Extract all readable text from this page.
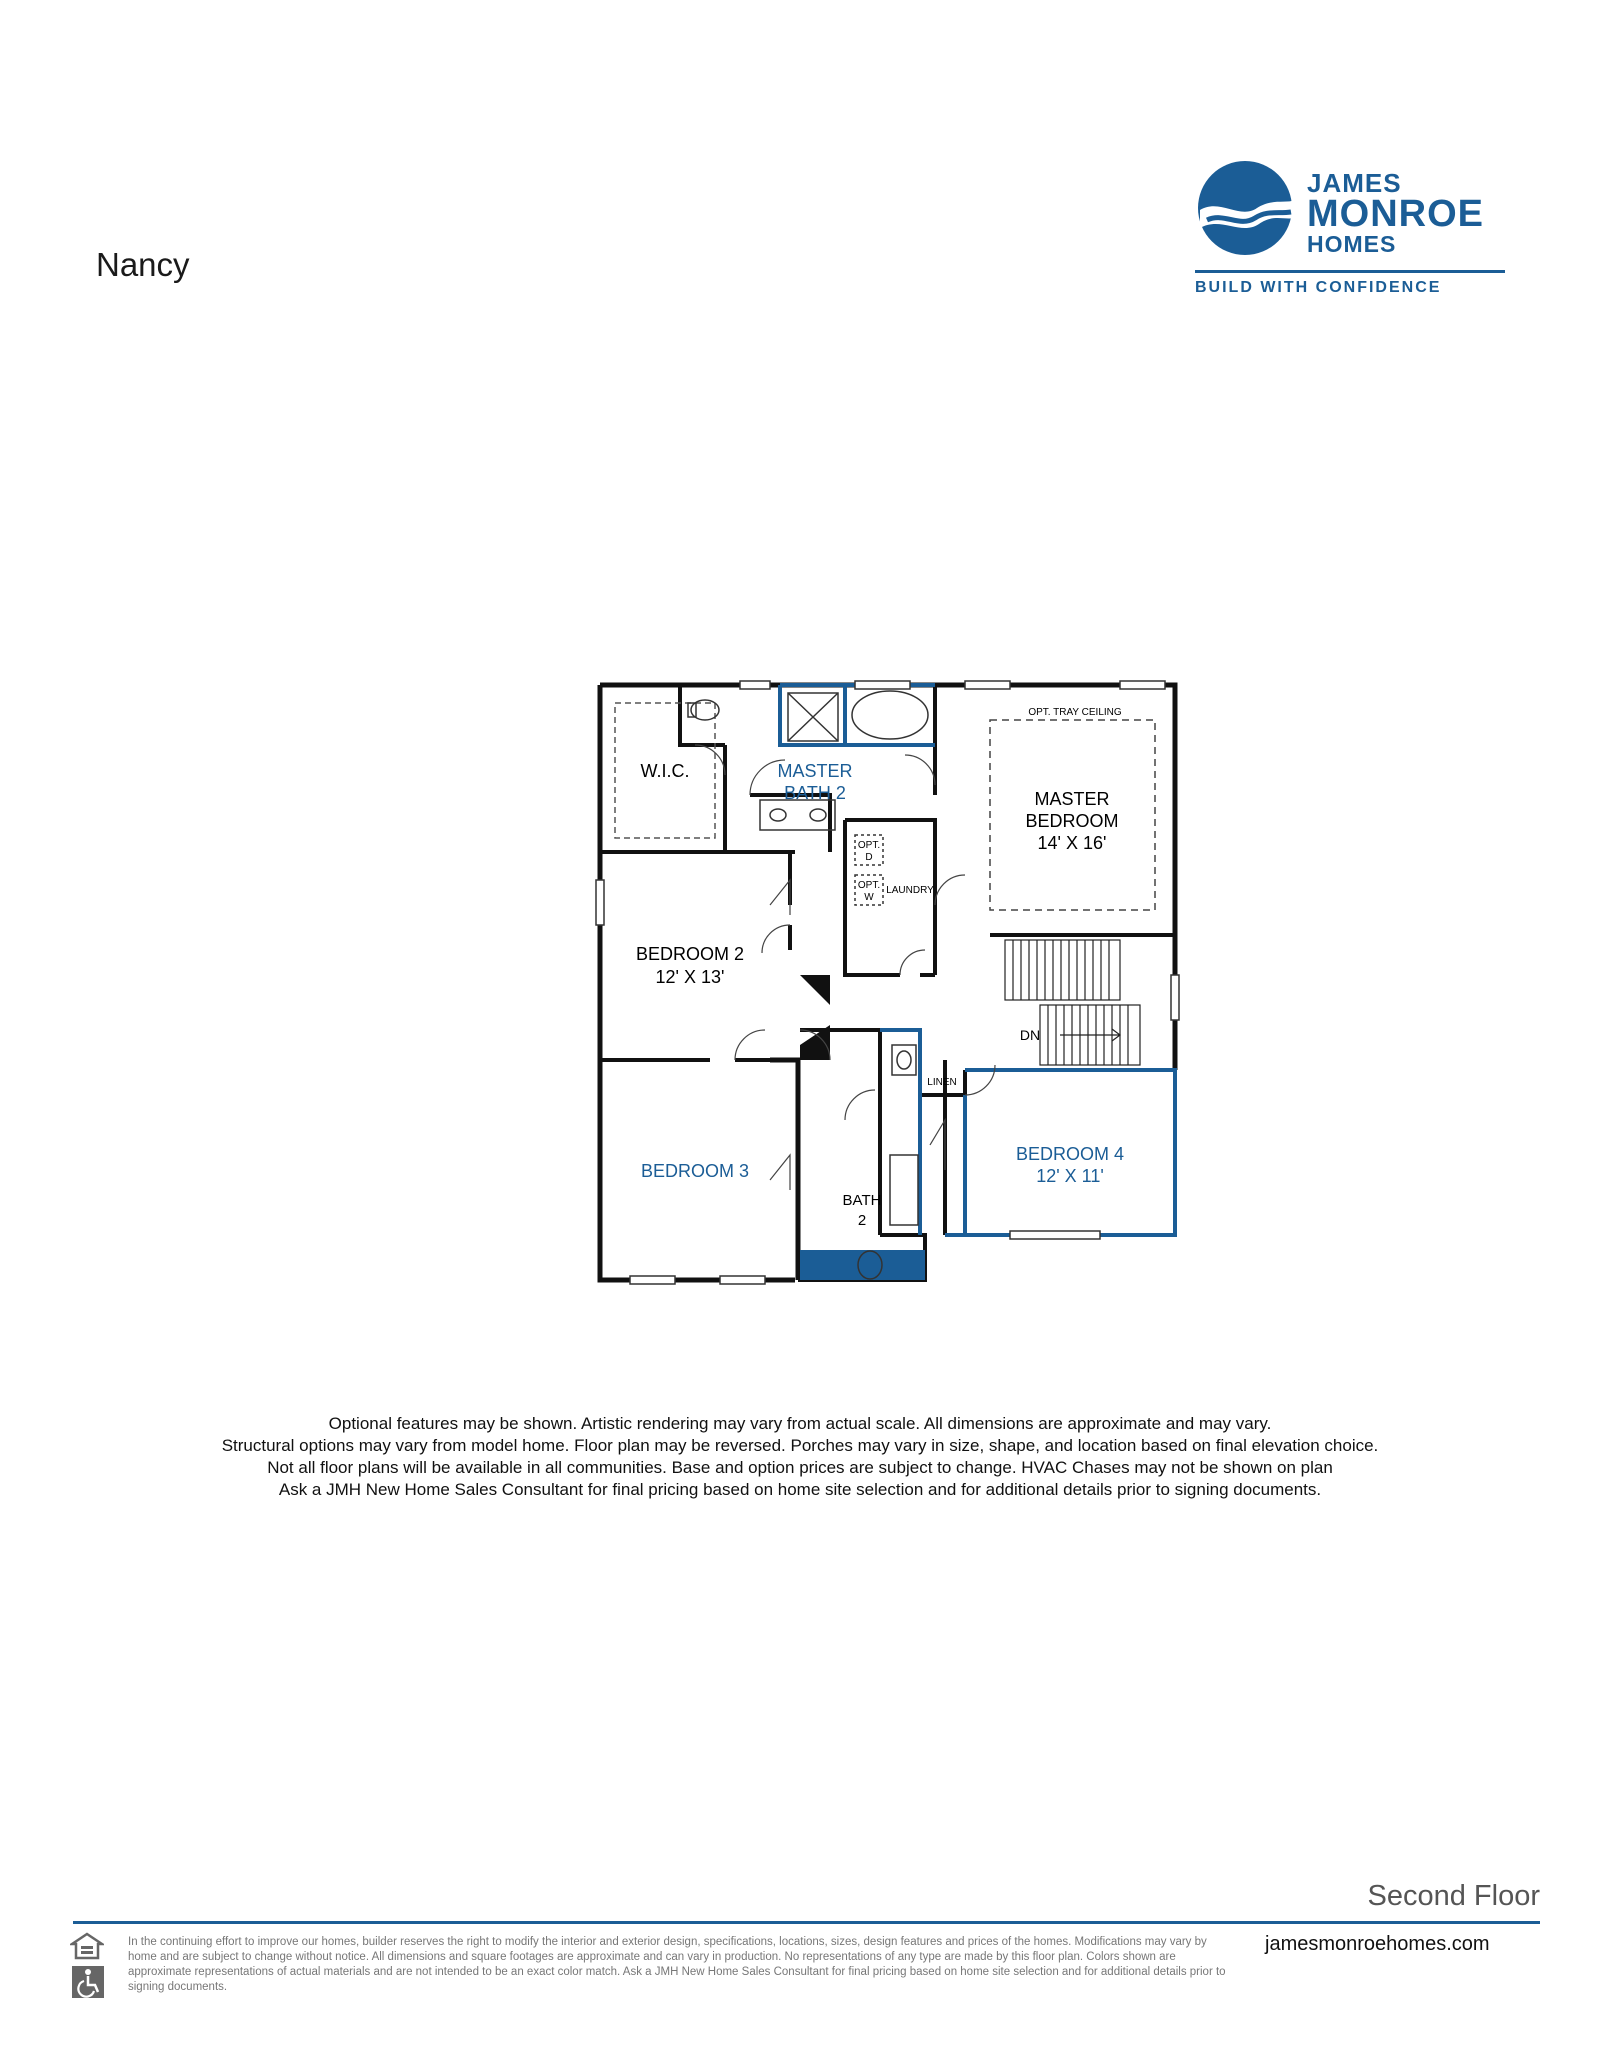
Nancy
JAMES
MONROE
HOMES
BUILD WITH CONFIDENCE
W.I.C.	MASTER
BATH 2
OPT. TRAY CEILING
MASTER
BEDROOM
14' X 16'
LAUNDRY
OPT.
D
OPT.
W
BEDROOM 2
12' X 13'
DN
LINEN
BEDROOM 3
BEDROOM 4
12' X 11'
BATH
2
Optional features may be shown. Artistic rendering may vary from actual scale. All dimensions are approximate and may vary.
Structural options may vary from model home. Floor plan may be reversed. Porches may vary in size, shape, and location based on final elevation choice.
Not all floor plans will be available in all communities. Base and option prices are subject to change. HVAC Chases may not be shown on plan
Ask a JMH New Home Sales Consultant for final pricing based on home site selection and for additional details prior to signing documents.
Second Floor
In the continuing effort to improve our homes, builder reserves the right to modify the interior and exterior design, specifications, locations, sizes, design features and prices of the homes. Modifications may vary by home and are subject to change without notice. All dimensions and square footages are approximate and can vary in production. No representations of any type are made by this floor plan. Colors shown are approximate representations of actual materials and are not intended to be an exact color match. Ask a JMH New Home Sales Consultant for final pricing based on home site selection and for additional details prior to signing documents.
jamesmonroehomes.com
